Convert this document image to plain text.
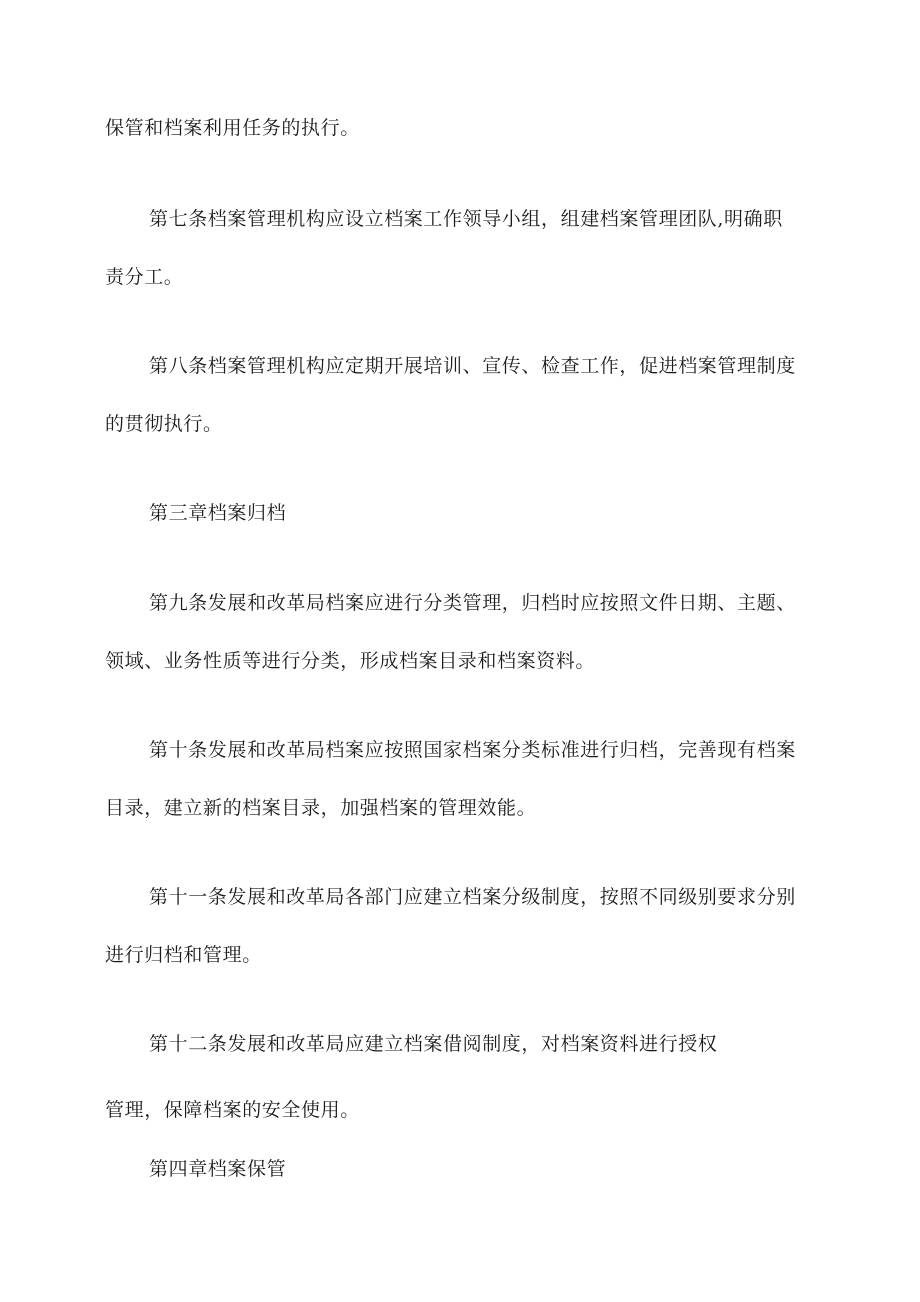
保管和档案利用任务的执行。

第七条档案管理机构应设立档案工作领导小组，组建档案管理团队,明确职

责分工。

第八条档案管理机构应定期开展培训、宣传、检查工作，促进档案管理制度

的贯彻执行。

第三章档案归档

第九条发展和改革局档案应进行分类管理，归档时应按照文件日期、主题、

领域、业务性质等进行分类，形成档案目录和档案资料。

第十条发展和改革局档案应按照国家档案分类标准进行归档，完善现有档案

目录，建立新的档案目录，加强档案的管理效能。

第十一条发展和改革局各部门应建立档案分级制度，按照不同级别要求分别

进行归档和管理。

第十二条发展和改革局应建立档案借阅制度，对档案资料进行授权

管理，保障档案的安全使用。

第四章档案保管
